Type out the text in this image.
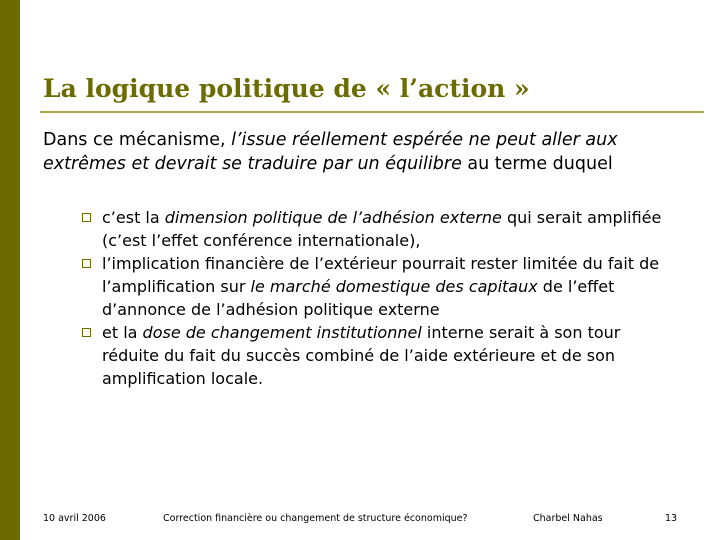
La logique politique de « l’action »

Dans ce mécanisme, l’issue réellement espérée ne peut aller aux extrêmes et devrait se traduire par un équilibre au terme duquel

c’est la dimension politique de l’adhésion externe qui serait amplifiée (c’est l’effet conférence internationale),
l’implication financière de l’extérieur pourrait rester limitée du fait de l’amplification sur le marché domestique des capitaux de l’effet d’annonce de l’adhésion politique externe
et la dose de changement institutionnel interne serait à son tour réduite du fait du succès combiné de l’aide extérieure et de son amplification locale.
10 avril 2006	Correction financière ou changement de structure économique?	Charbel Nahas	13
